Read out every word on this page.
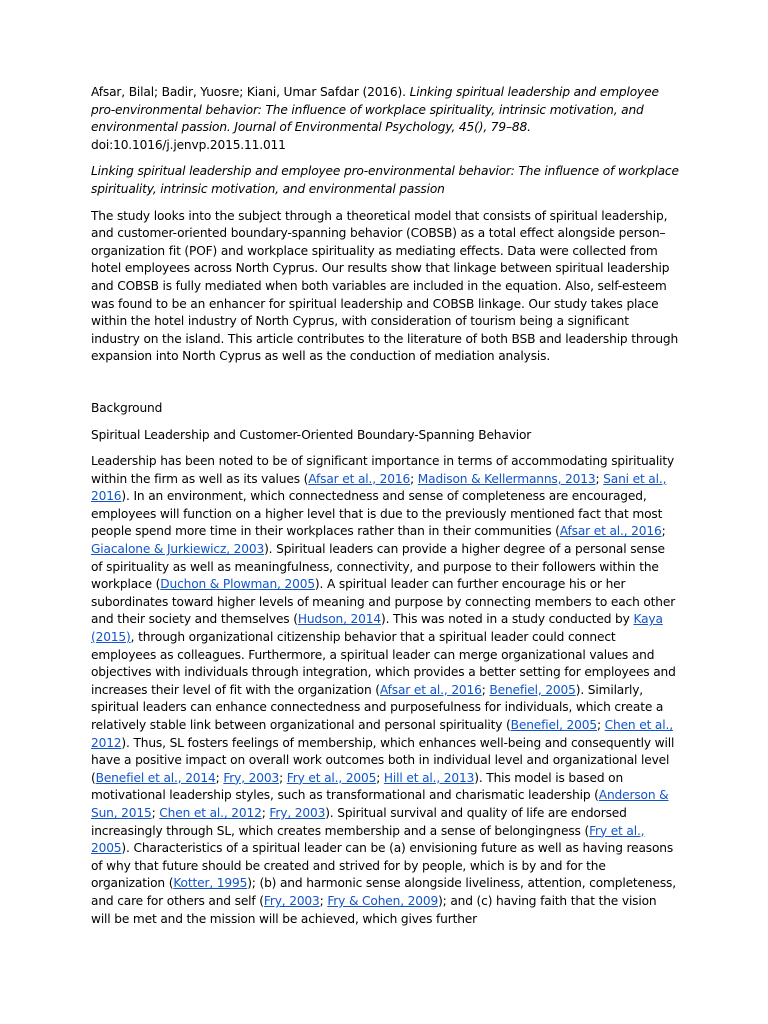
Afsar, Bilal; Badir, Yuosre; Kiani, Umar Safdar (2016). Linking spiritual leadership and employee pro-environmental behavior: The influence of workplace spirituality, intrinsic motivation, and environmental passion. Journal of Environmental Psychology, 45(), 79–88. doi:10.1016/j.jenvp.2015.11.011

Linking spiritual leadership and employee pro-environmental behavior: The influence of workplace spirituality, intrinsic motivation, and environmental passion

The study looks into the subject through a theoretical model that consists of spiritual leadership, and customer-oriented boundary-spanning behavior (COBSB) as a total effect alongside person–organization fit (POF) and workplace spirituality as mediating effects. Data were collected from hotel employees across North Cyprus. Our results show that linkage between spiritual leadership and COBSB is fully mediated when both variables are included in the equation. Also, self-esteem was found to be an enhancer for spiritual leadership and COBSB linkage. Our study takes place within the hotel industry of North Cyprus, with consideration of tourism being a significant industry on the island. This article contributes to the literature of both BSB and leadership through expansion into North Cyprus as well as the conduction of mediation analysis.

Background

Spiritual Leadership and Customer-Oriented Boundary-Spanning Behavior

Leadership has been noted to be of significant importance in terms of accommodating spirituality within the firm as well as its values (Afsar et al., 2016; Madison & Kellermanns, 2013; Sani et al., 2016). In an environment, which connectedness and sense of completeness are encouraged, employees will function on a higher level that is due to the previously mentioned fact that most people spend more time in their workplaces rather than in their communities (Afsar et al., 2016; Giacalone & Jurkiewicz, 2003). Spiritual leaders can provide a higher degree of a personal sense of spirituality as well as meaningfulness, connectivity, and purpose to their followers within the workplace (Duchon & Plowman, 2005). A spiritual leader can further encourage his or her subordinates toward higher levels of meaning and purpose by connecting members to each other and their society and themselves (Hudson, 2014). This was noted in a study conducted by Kaya (2015), through organizational citizenship behavior that a spiritual leader could connect employees as colleagues. Furthermore, a spiritual leader can merge organizational values and objectives with individuals through integration, which provides a better setting for employees and increases their level of fit with the organization (Afsar et al., 2016; Benefiel, 2005). Similarly, spiritual leaders can enhance connectedness and purposefulness for individuals, which create a relatively stable link between organizational and personal spirituality (Benefiel, 2005; Chen et al., 2012). Thus, SL fosters feelings of membership, which enhances well-being and consequently will have a positive impact on overall work outcomes both in individual level and organizational level (Benefiel et al., 2014; Fry, 2003; Fry et al., 2005; Hill et al., 2013). This model is based on motivational leadership styles, such as transformational and charismatic leadership (Anderson & Sun, 2015; Chen et al., 2012; Fry, 2003). Spiritual survival and quality of life are endorsed increasingly through SL, which creates membership and a sense of belongingness (Fry et al., 2005). Characteristics of a spiritual leader can be (a) envisioning future as well as having reasons of why that future should be created and strived for by people, which is by and for the organization (Kotter, 1995); (b) and harmonic sense alongside liveliness, attention, completeness, and care for others and self (Fry, 2003; Fry & Cohen, 2009); and (c) having faith that the vision will be met and the mission will be achieved, which gives further
